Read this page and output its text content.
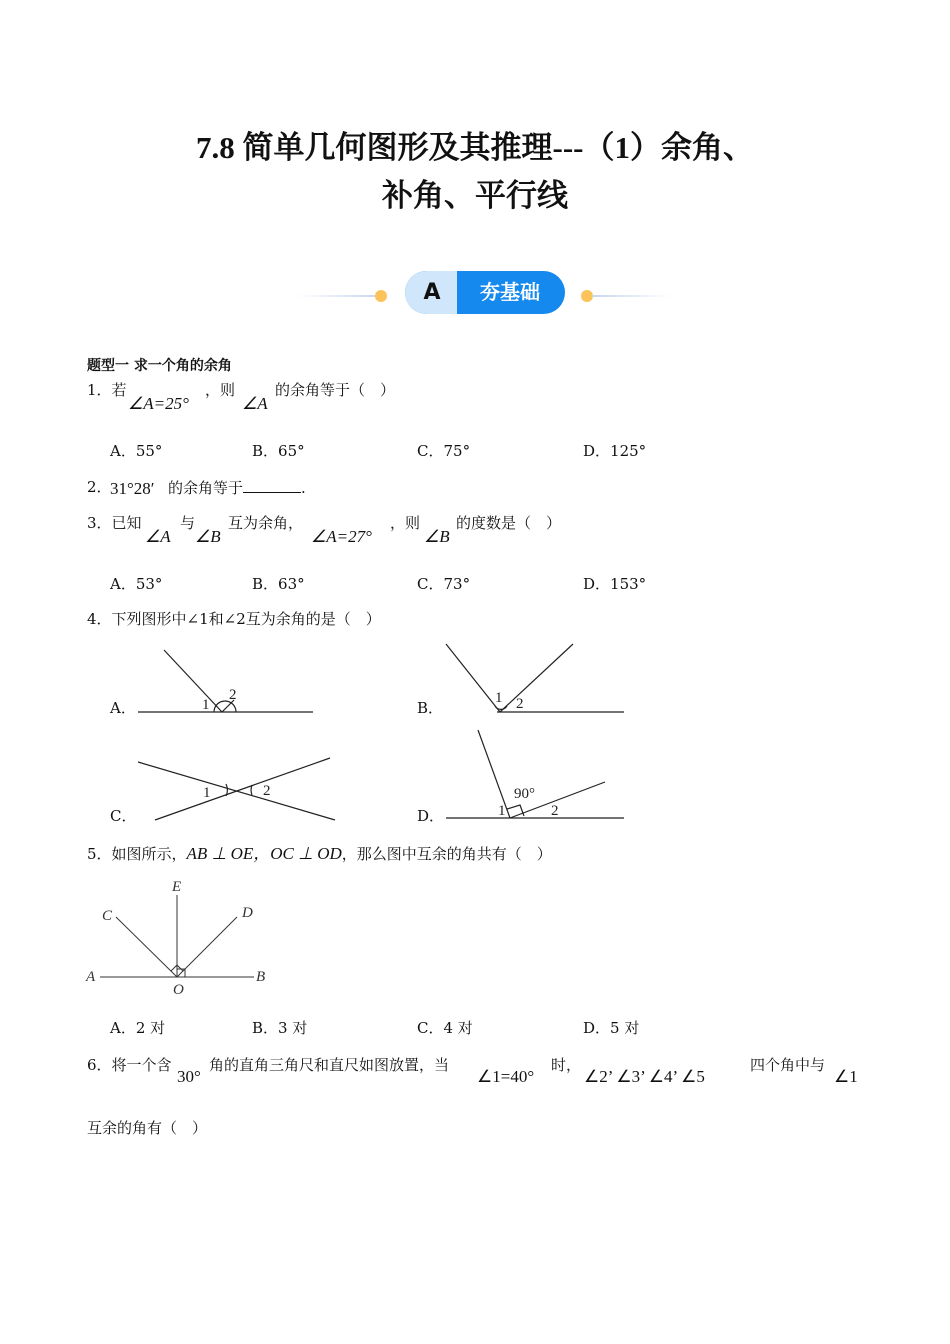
7.8 简单几何图形及其推理---（1）余角、
补角、平行线
A	夯基础
题型一 求一个角的余角
1．若
∠A=25°
，则
∠A
的余角等于（　）
A．55°	B．65°	C．75°	D．125°
2．
31°28′ 的余角等于	.
3．已知
∠A
与
∠B
互为余角，
∠A=27°
，则
∠B
的度数是（　）
A．53°	B．63°	C．73°	D．153°
4．下列图形中∠1和∠2互为余角的是（　）
A．	B．
C．	D．
1
2	1 2
1	2	90°
1	2
5．如图所示，AB ⊥ OE，OC ⊥ OD，那么图中互余的角共有（　）
A	B
C	D
E
O
A．2 对	B．3 对	C．4 对	D．5 对
6．将一个含
30°
角的直角三角尺和直尺如图放置，当
∠1=40°
时，
∠2’ ∠3’ ∠4’ ∠5
四个角中与
∠1
互余的角有（　）
